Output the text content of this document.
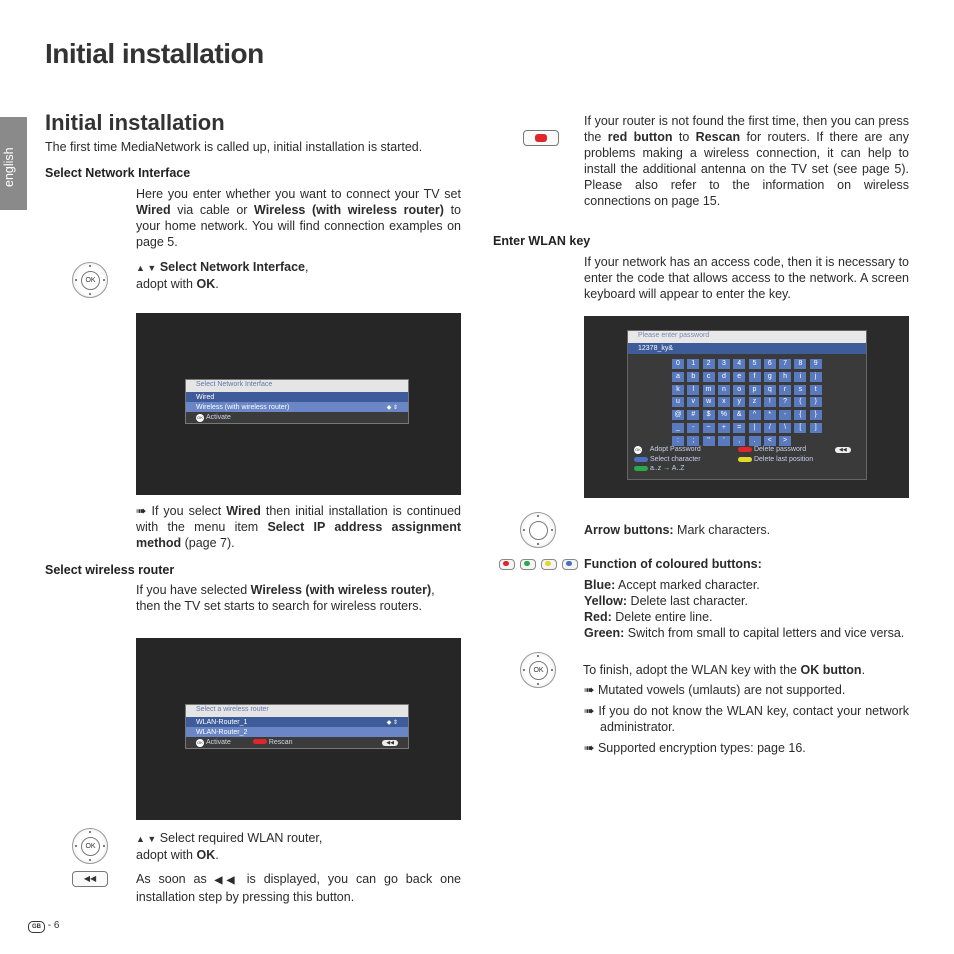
Initial installation
english
Initial installation
The first time MediaNetwork is called up, initial installation is started.
Select Network Interface
Here you enter whether you want to connect your TV set Wired via cable or Wireless (with wireless router) to your home network. You will find connection examples on page 5.
OK
▲ ▼ Select Network Interface,
adopt with OK.
Select Network Interface
Wired
Wireless (with wireless router)	◆ ⇕
OK Activate
➠ If you select Wired then initial installation is continued with the menu item Select IP address assignment method (page 7).
Select wireless router
If you have selected Wireless (with wireless router), then the TV set starts to search for wireless routers.
Select a wireless router
WLAN-Router_1	◆ ⇕
WLAN-Router_2
OK Activate	Rescan	◀◀
OK
▲ ▼ Select required WLAN router,
adopt with OK.
◀◀	As soon as ◀◀ is displayed, you can go back one installation step by pressing this button.
If your router is not found the first time, then you can press the red button to Rescan for routers. If there are any problems making a wireless connection, it can help to install the additional antenna on the TV set (see page 5). Please also refer to the information on wireless connections on page 15.
Enter WLAN key
If your network has an access code, then it is necessary to enter the code that allows access to the network. A screen keyboard will appear to enter the key.
Please enter password
12378_ky&
0	1	2	3	4	5	6	7	8	9
a	b	c	d	e	f	g	h	i	j
k	l	m	n	o	p	q	r	s	t
u	v	w	x	y	z	!	?	(	)
@	#	$	%	&	^	*	-	{	}
_	-	~	+	=	|	/	\	[	]
:	;	"	'	,	.	<	>
OK Adopt Password
Select character
a..z → A..Z
Delete password
Delete last position
◀◀
Arrow buttons: Mark characters.
Function of coloured buttons:
Blue: Accept marked character.
Yellow: Delete last character.
Red: Delete entire line.
Green: Switch from small to capital letters and vice versa.
OK	To finish, adopt the WLAN key with the OK button.
➠ Mutated vowels (umlauts) are not supported.
➠ If you do not know the WLAN key, contact your network administrator.
➠ Supported encryption types: page 16.
GB - 6
